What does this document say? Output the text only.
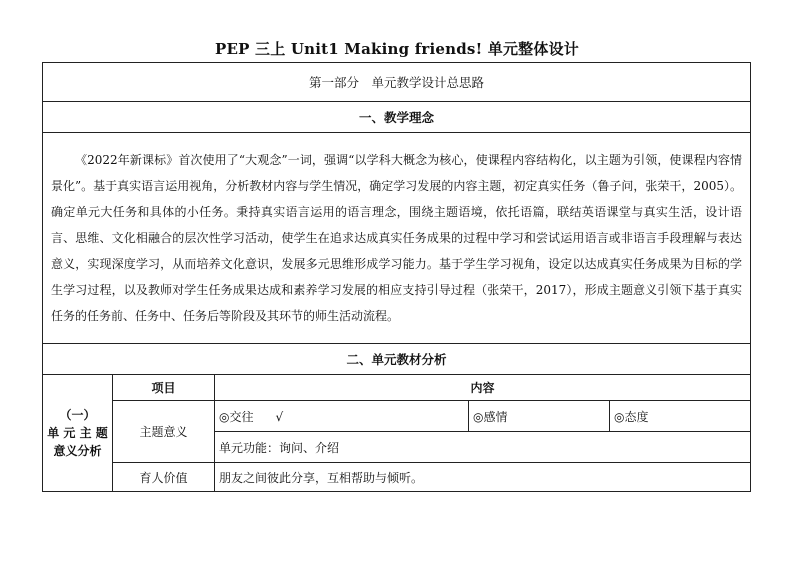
PEP 三上 Unit1 Making friends! 单元整体设计
第一部分　单元教学设计总思路				
一、教学理念				

《2022年新课标》首次使用了“大观念”一词，强调“以学科大概念为核心，使课程内容结构化，以主题为引领，使课程内容情景化”。基于真实语言运用视角，分析教材内容与学生情况，确定学习发展的内容主题，初定真实任务（鲁子问，张荣干，2005）。确定单元大任务和具体的小任务。秉持真实语言运用的语言理念，围绕主题语境，依托语篇，联结英语课堂与真实生活，设计语言、思维、文化相融合的层次性学习活动，使学生在追求达成真实任务成果的过程中学习和尝试运用语言或非语言手段理解与表达意义，实现深度学习，从而培养文化意识，发展多元思维形成学习能力。基于学生学习视角，设定以达成真实任务成果为目标的学生学习过程，以及教师对学生任务成果达成和素养学习发展的相应支持引导过程（张荣干，2017），形成主题意义引领下基于真实任务的任务前、任务中、任务后等阶段及其环节的师生活动流程。				

二、单元教材分析				

（一）
单 元 主 题
意义分析	项目	内容		
	主题意义	◎交往 √	◎感情	◎态度
		单元功能：询问、介绍		
	育人价值	朋友之间彼此分享，互相帮助与倾听。		
